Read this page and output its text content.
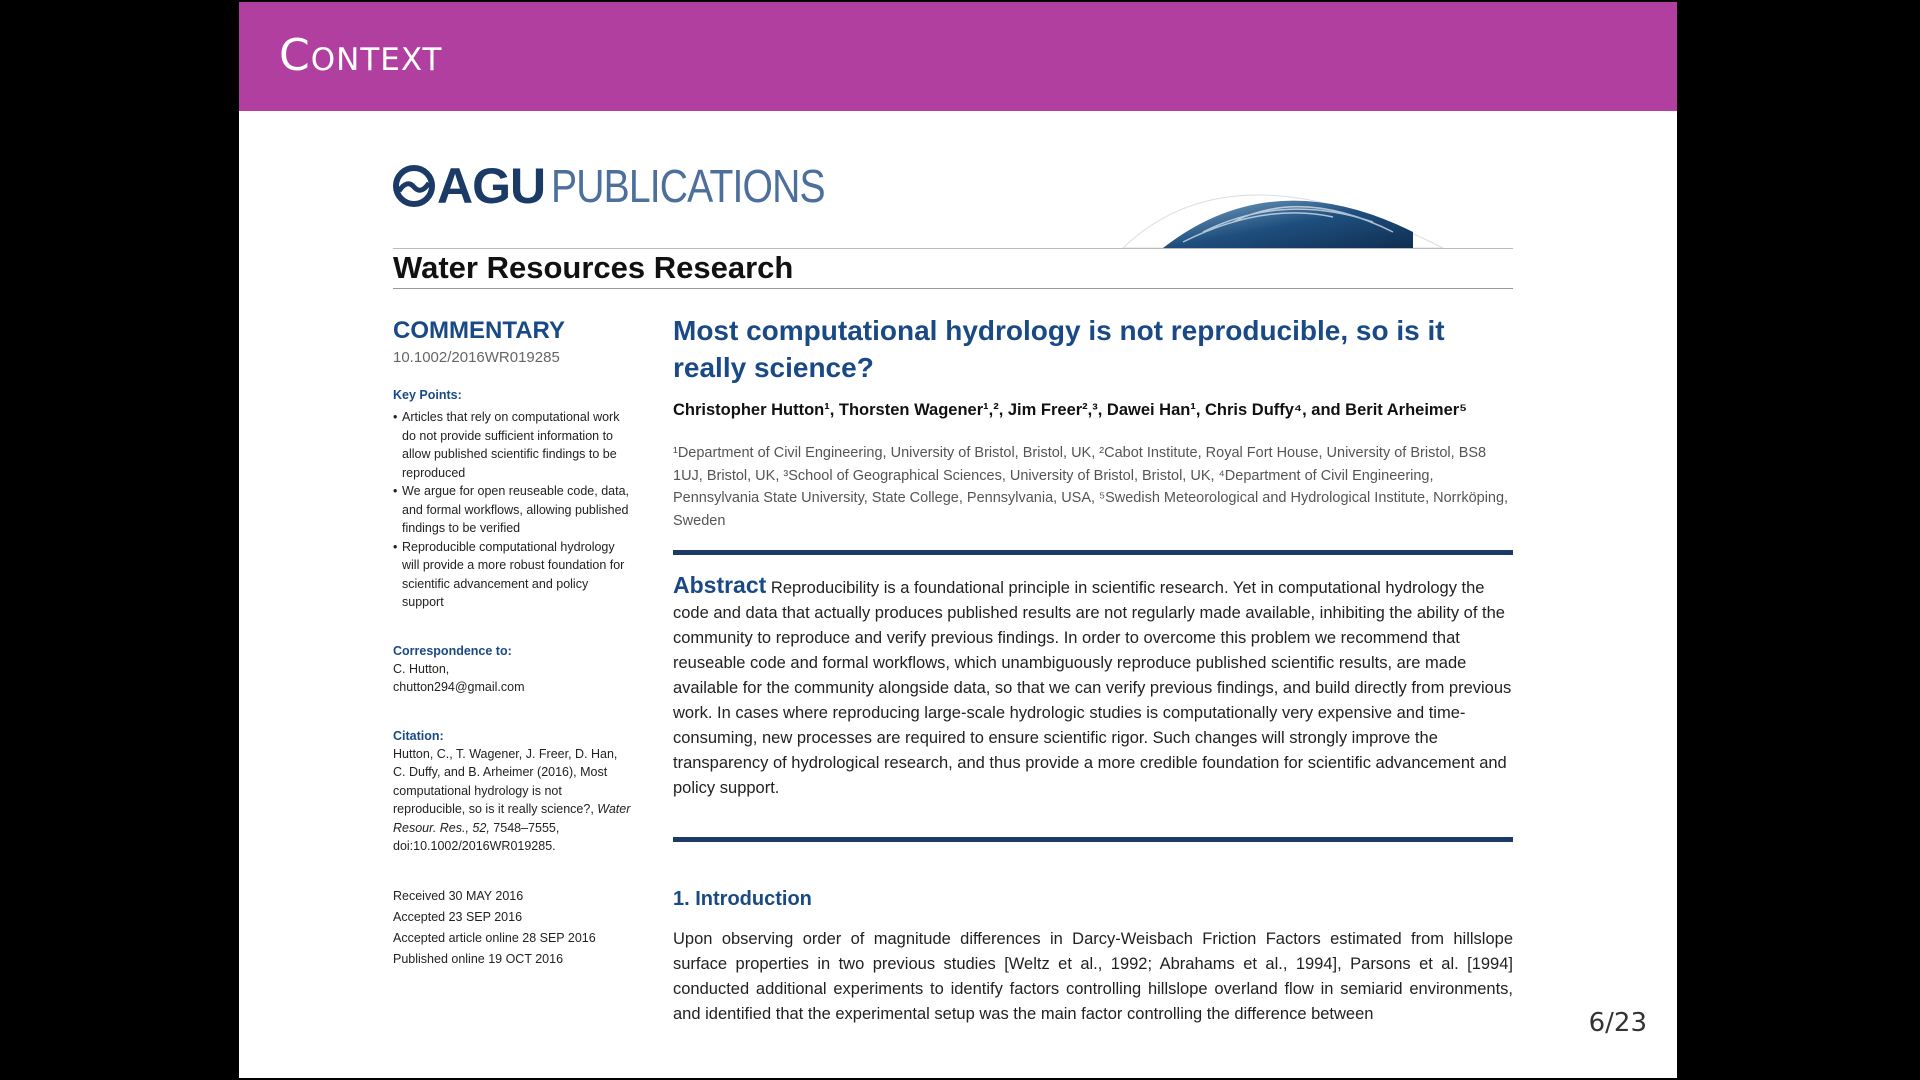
Context
AGU PUBLICATIONS
Water Resources Research
COMMENTARY
10.1002/2016WR019285
Key Points:
• Articles that rely on computational work do not provide sufficient information to allow published scientific findings to be reproduced
• We argue for open reuseable code, data, and formal workflows, allowing published findings to be verified
• Reproducible computational hydrology will provide a more robust foundation for scientific advancement and policy support
Correspondence to:
C. Hutton,
chutton294@gmail.com
Citation:
Hutton, C., T. Wagener, J. Freer, D. Han, C. Duffy, and B. Arheimer (2016), Most computational hydrology is not reproducible, so is it really science?, Water Resour. Res., 52, 7548–7555, doi:10.1002/2016WR019285.
Received 30 MAY 2016
Accepted 23 SEP 2016
Accepted article online 28 SEP 2016
Published online 19 OCT 2016
Most computational hydrology is not reproducible, so is it really science?
Christopher Hutton¹, Thorsten Wagener¹,², Jim Freer²,³, Dawei Han¹, Chris Duffy⁴, and Berit Arheimer⁵
¹Department of Civil Engineering, University of Bristol, Bristol, UK, ²Cabot Institute, Royal Fort House, University of Bristol, BS8 1UJ, Bristol, UK, ³School of Geographical Sciences, University of Bristol, Bristol, UK, ⁴Department of Civil Engineering, Pennsylvania State University, State College, Pennsylvania, USA, ⁵Swedish Meteorological and Hydrological Institute, Norrköping, Sweden
Abstract Reproducibility is a foundational principle in scientific research. Yet in computational hydrology the code and data that actually produces published results are not regularly made available, inhibiting the ability of the community to reproduce and verify previous findings. In order to overcome this problem we recommend that reuseable code and formal workflows, which unambiguously reproduce published scientific results, are made available for the community alongside data, so that we can verify previous findings, and build directly from previous work. In cases where reproducing large-scale hydrologic studies is computationally very expensive and time-consuming, new processes are required to ensure scientific rigor. Such changes will strongly improve the transparency of hydrological research, and thus provide a more credible foundation for scientific advancement and policy support.
1. Introduction
Upon observing order of magnitude differences in Darcy-Weisbach Friction Factors estimated from hillslope surface properties in two previous studies [Weltz et al., 1992; Abrahams et al., 1994], Parsons et al. [1994] conducted additional experiments to identify factors controlling hillslope overland flow in semiarid environments, and identified that the experimental setup was the main factor controlling the difference between	6/23
